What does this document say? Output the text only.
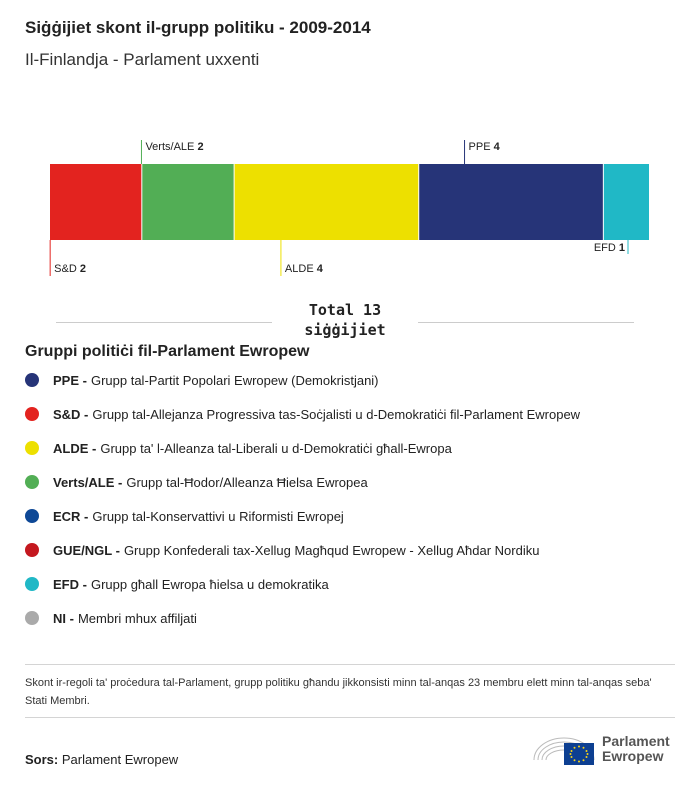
Siġġijiet skont il-grupp politiku - 2009-2014
Il-Finlandja - Parlament uxxenti
S&D 2
Verts/ALE 2
ALDE 4
PPE 4
EFD 1
Total 13
siġġijiet
Gruppi politiċi fil-Parlament Ewropew
PPE - Grupp tal-Partit Popolari Ewropew (Demokristjani)
S&D - Grupp tal-Allejanza Progressiva tas-Soċjalisti u d-Demokratiċi fil-Parlament Ewropew
ALDE - Grupp ta' l-Alleanza tal-Liberali u d-Demokratiċi għall-Ewropa
Verts/ALE - Grupp tal-Ħodor/Alleanza Ħielsa Ewropea
ECR - Grupp tal-Konservattivi u Riformisti Ewropej
GUE/NGL - Grupp Konfederali tax-Xellug Magħqud Ewropew - Xellug Aħdar Nordiku
EFD - Grupp għall Ewropa ħielsa u demokratika
NI - Membri mhux affiljati
Skont ir-regoli ta' proċedura tal-Parlament, grupp politiku għandu jikkonsisti minn tal-anqas 23 membru elett minn tal-anqas seba' Stati Membri.
Sors: Parlament Ewropew
Parlament
Ewropew
